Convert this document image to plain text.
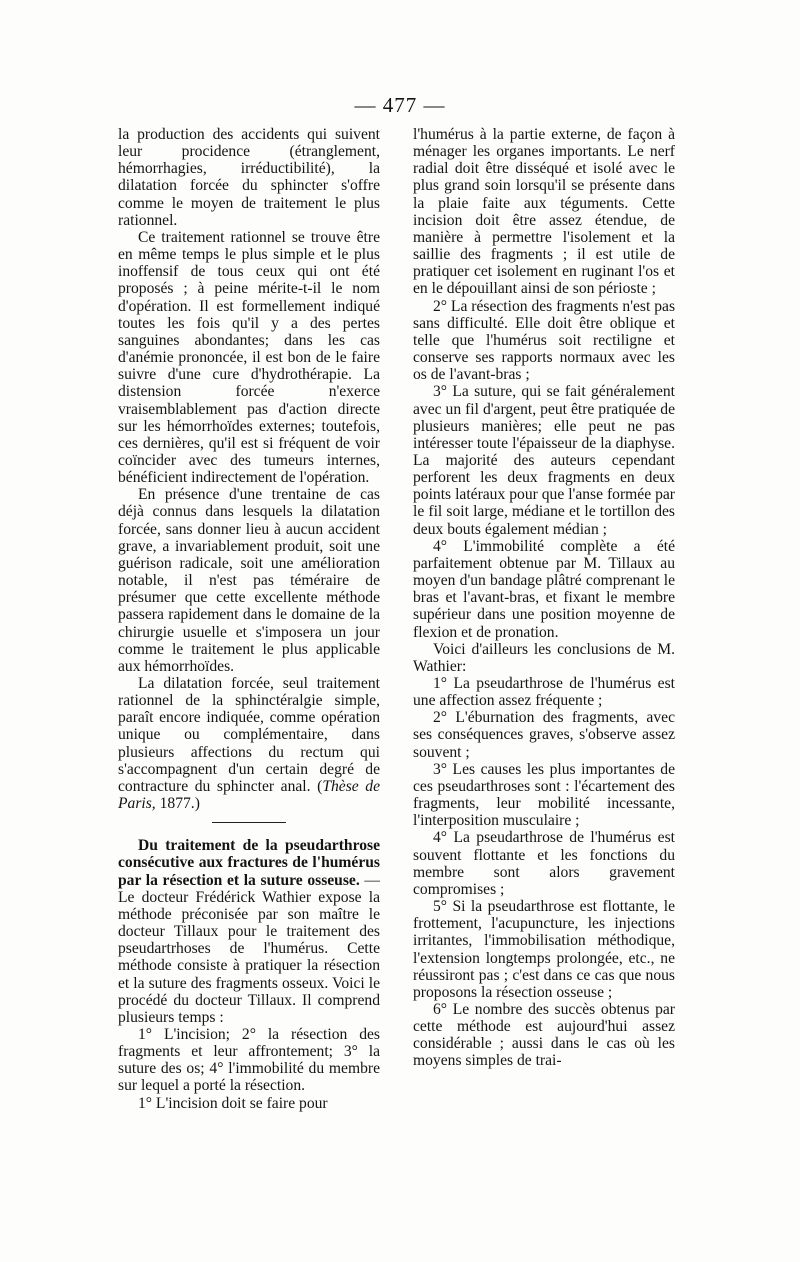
— 477 —

la production des accidents qui suivent leur procidence (étranglement, hémorrhagies, irréductibilité), la dilatation forcée du sphincter s'offre comme le moyen de traitement le plus rationnel.

Ce traitement rationnel se trouve être en même temps le plus simple et le plus inoffensif de tous ceux qui ont été proposés ; à peine mérite-t-il le nom d'opération. Il est formellement indiqué toutes les fois qu'il y a des pertes sanguines abondantes; dans les cas d'anémie prononcée, il est bon de le faire suivre d'une cure d'hydrothérapie. La distension forcée n'exerce vraisemblablement pas d'action directe sur les hémorrhoïdes externes; toutefois, ces dernières, qu'il est si fréquent de voir coïncider avec des tumeurs internes, bénéficient indirectement de l'opération.

En présence d'une trentaine de cas déjà connus dans lesquels la dilatation forcée, sans donner lieu à aucun accident grave, a invariablement produit, soit une guérison radicale, soit une amélioration notable, il n'est pas téméraire de présumer que cette excellente méthode passera rapidement dans le domaine de la chirurgie usuelle et s'imposera un jour comme le traitement le plus applicable aux hémorrhoïdes.

La dilatation forcée, seul traitement rationnel de la sphinctéralgie simple, paraît encore indiquée, comme opération unique ou complémentaire, dans plusieurs affections du rectum qui s'accompagnent d'un certain degré de contracture du sphincter anal. (Thèse de Paris, 1877.)

Du traitement de la pseudarthrose consécutive aux fractures de l'humérus par la résection et la suture osseuse. — Le docteur Frédérick Wathier expose la méthode préconisée par son maître le docteur Tillaux pour le traitement des pseudartrhoses de l'humérus. Cette méthode consiste à pratiquer la résection et la suture des fragments osseux. Voici le procédé du docteur Tillaux. Il comprend plusieurs temps :

1° L'incision; 2° la résection des fragments et leur affrontement; 3° la suture des os; 4° l'immobilité du membre sur lequel a porté la résection.

1° L'incision doit se faire pour

l'humérus à la partie externe, de façon à ménager les organes importants. Le nerf radial doit être disséqué et isolé avec le plus grand soin lorsqu'il se présente dans la plaie faite aux téguments. Cette incision doit être assez étendue, de manière à permettre l'isolement et la saillie des fragments ; il est utile de pratiquer cet isolement en ruginant l'os et en le dépouillant ainsi de son périoste ;

2° La résection des fragments n'est pas sans difficulté. Elle doit être oblique et telle que l'humérus soit rectiligne et conserve ses rapports normaux avec les os de l'avant-bras ;

3° La suture, qui se fait généralement avec un fil d'argent, peut être pratiquée de plusieurs manières; elle peut ne pas intéresser toute l'épaisseur de la diaphyse. La majorité des auteurs cependant perforent les deux fragments en deux points latéraux pour que l'anse formée par le fil soit large, médiane et le tortillon des deux bouts également médian ;

4° L'immobilité complète a été parfaitement obtenue par M. Tillaux au moyen d'un bandage plâtré comprenant le bras et l'avant-bras, et fixant le membre supérieur dans une position moyenne de flexion et de pronation.

Voici d'ailleurs les conclusions de M. Wathier:

1° La pseudarthrose de l'humérus est une affection assez fréquente ;

2° L'éburnation des fragments, avec ses conséquences graves, s'observe assez souvent ;

3° Les causes les plus importantes de ces pseudarthroses sont : l'écartement des fragments, leur mobilité incessante, l'interposition musculaire ;

4° La pseudarthrose de l'humérus est souvent flottante et les fonctions du membre sont alors gravement compromises ;

5° Si la pseudarthrose est flottante, le frottement, l'acupuncture, les injections irritantes, l'immobilisation méthodique, l'extension longtemps prolongée, etc., ne réussiront pas ; c'est dans ce cas que nous proposons la résection osseuse ;

6° Le nombre des succès obtenus par cette méthode est aujourd'hui assez considérable ; aussi dans le cas où les moyens simples de trai-
